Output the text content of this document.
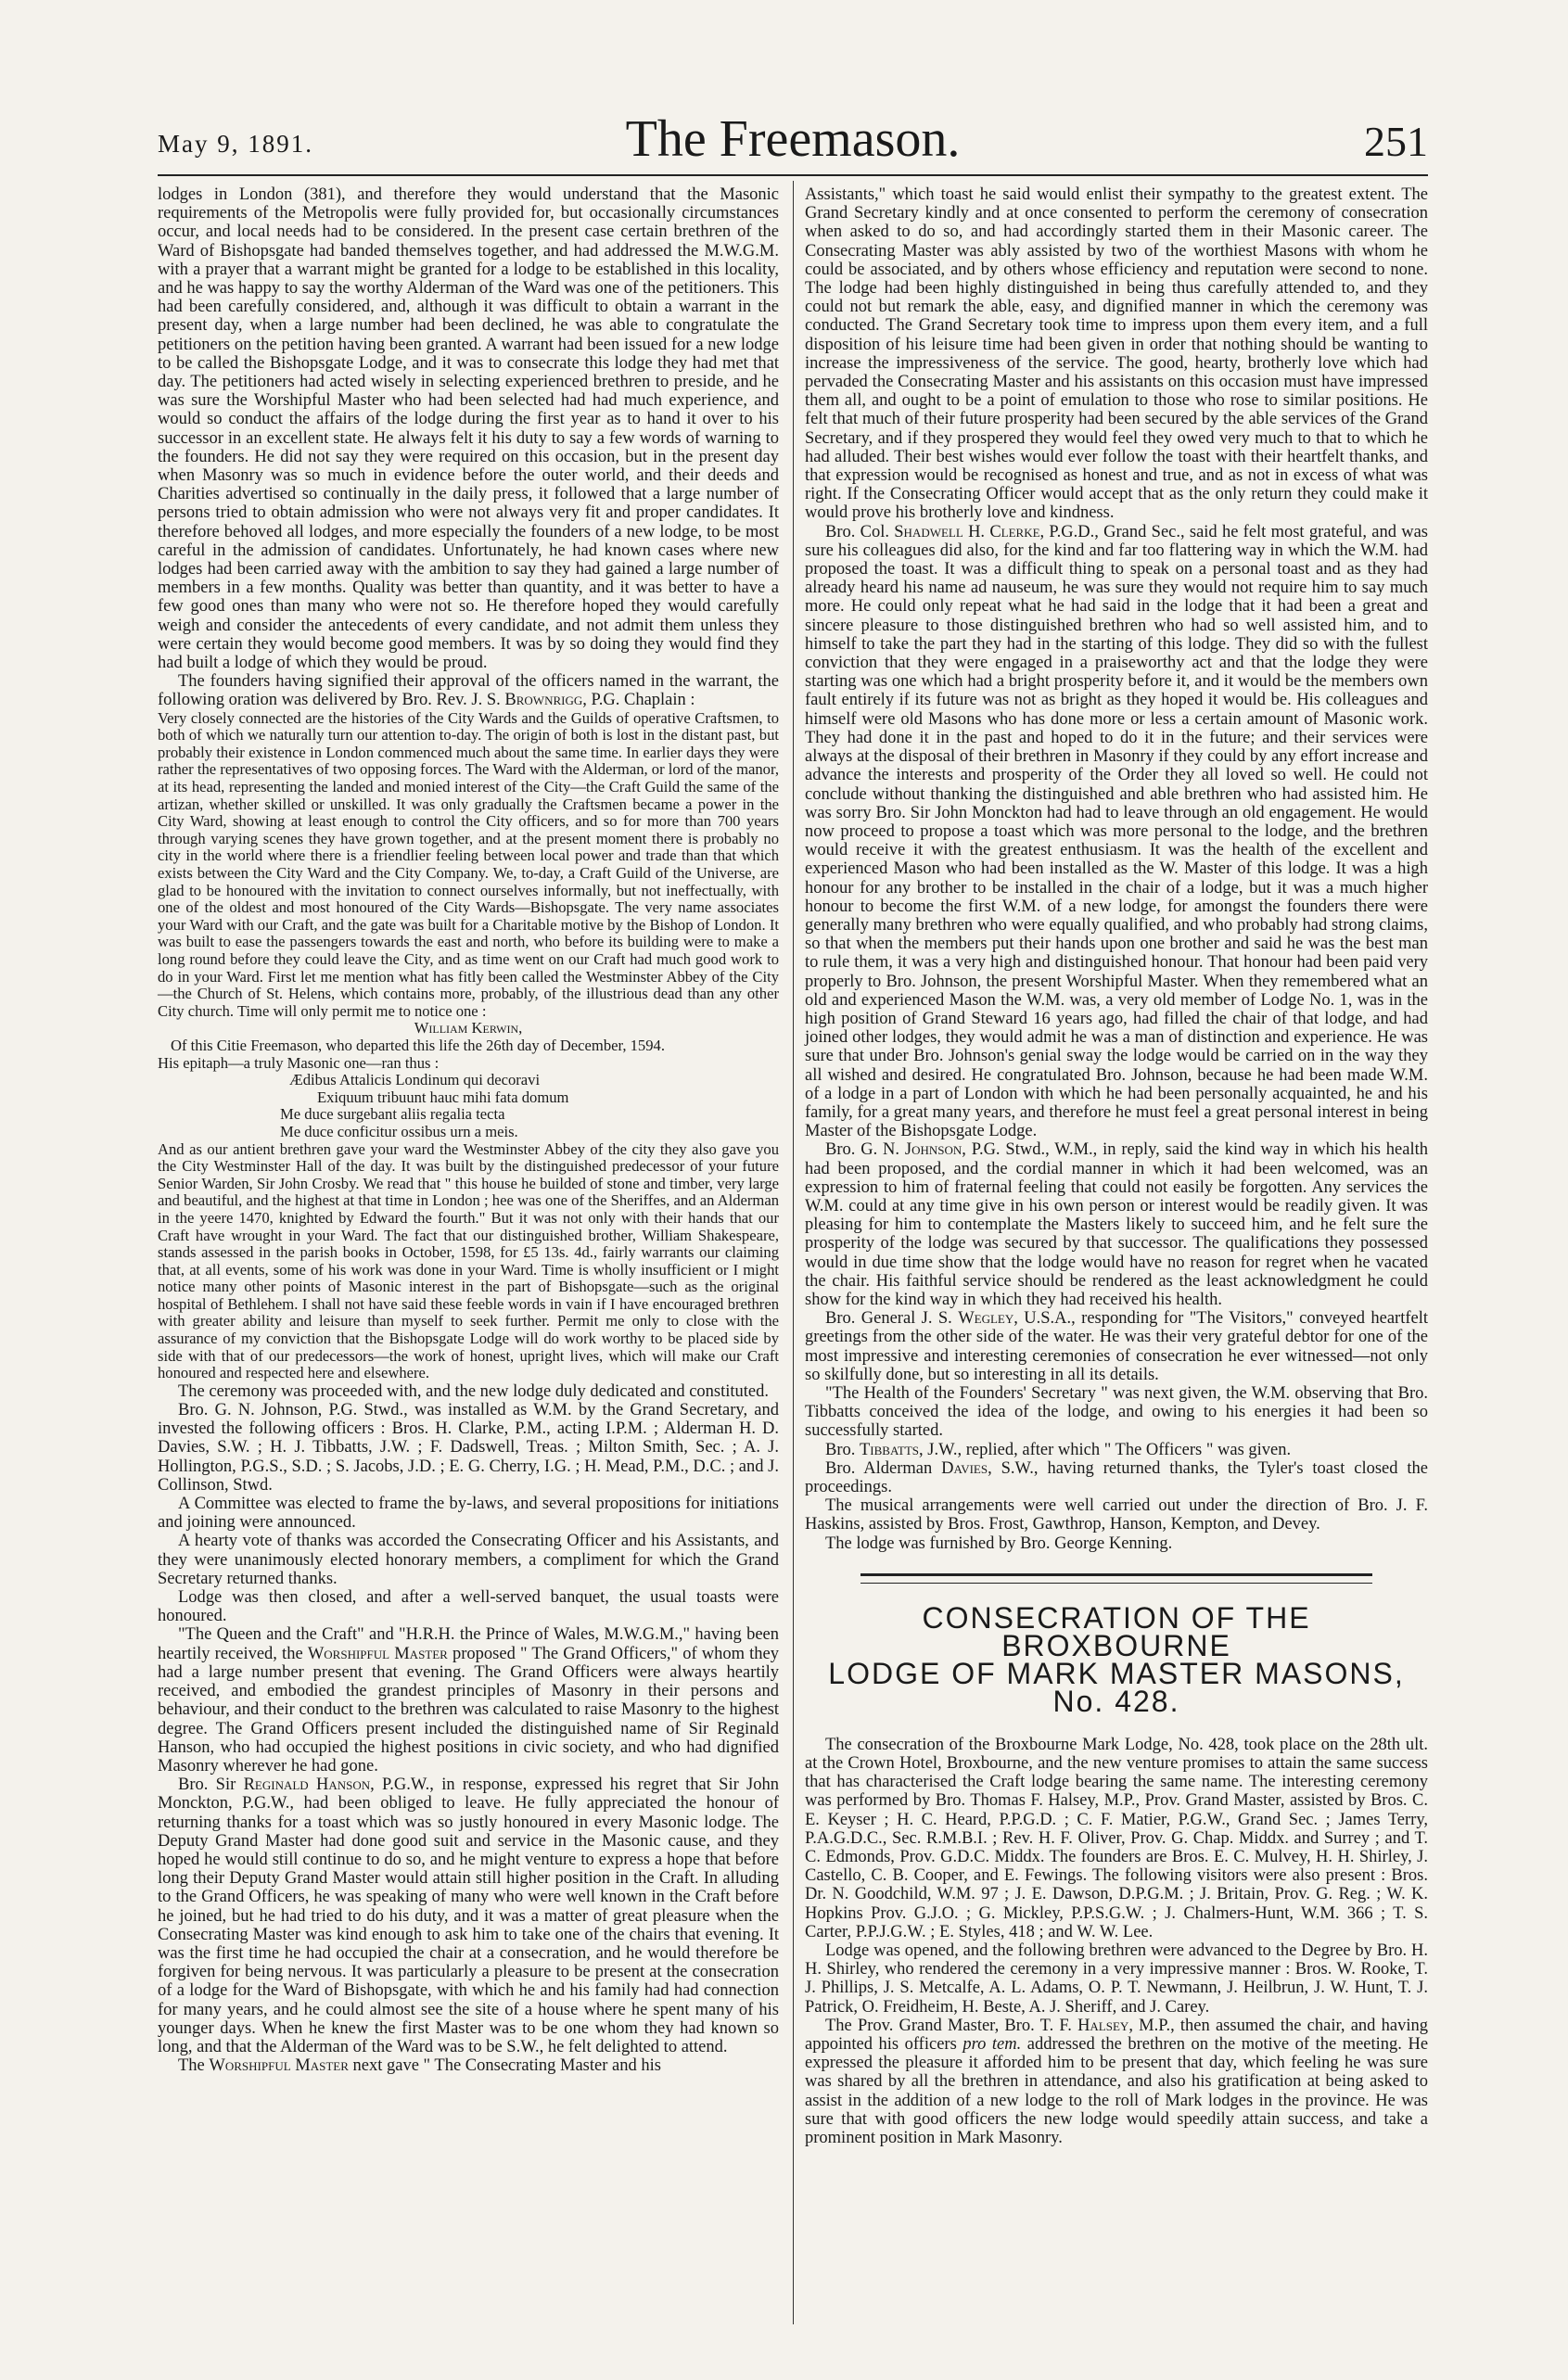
May 9, 1891.	The Freemason.	251

lodges in London (381), and therefore they would understand that the Masonic requirements of the Metropolis were fully provided for, but occasionally circumstances occur, and local needs had to be considered. In the present case certain brethren of the Ward of Bishopsgate had banded themselves together, and had addressed the M.W.G.M. with a prayer that a warrant might be granted for a lodge to be established in this locality, and he was happy to say the worthy Alderman of the Ward was one of the petitioners. This had been carefully considered, and, although it was difficult to obtain a warrant in the present day, when a large number had been declined, he was able to congratulate the petitioners on the petition having been granted. A warrant had been issued for a new lodge to be called the Bishopsgate Lodge, and it was to consecrate this lodge they had met that day. The petitioners had acted wisely in selecting experienced brethren to preside, and he was sure the Worshipful Master who had been selected had had much experience, and would so conduct the affairs of the lodge during the first year as to hand it over to his successor in an excellent state. He always felt it his duty to say a few words of warning to the founders. He did not say they were required on this occasion, but in the present day when Masonry was so much in evidence before the outer world, and their deeds and Charities advertised so continually in the daily press, it followed that a large number of persons tried to obtain admission who were not always very fit and proper candidates. It therefore behoved all lodges, and more especially the founders of a new lodge, to be most careful in the admission of candidates. Unfortunately, he had known cases where new lodges had been carried away with the ambition to say they had gained a large number of members in a few months. Quality was better than quantity, and it was better to have a few good ones than many who were not so. He therefore hoped they would carefully weigh and consider the antecedents of every candidate, and not admit them unless they were certain they would become good members. It was by so doing they would find they had built a lodge of which they would be proud.

The founders having signified their approval of the officers named in the warrant, the following oration was delivered by Bro. Rev. J. S. Brownrigg, P.G. Chaplain :

Very closely connected are the histories of the City Wards and the Guilds of operative Craftsmen, to both of which we naturally turn our attention to-day. The origin of both is lost in the distant past, but probably their existence in London commenced much about the same time. In earlier days they were rather the representatives of two opposing forces. The Ward with the Alderman, or lord of the manor, at its head, representing the landed and monied interest of the City—the Craft Guild the same of the artizan, whether skilled or unskilled. It was only gradually the Craftsmen became a power in the City Ward, showing at least enough to control the City officers, and so for more than 700 years through varying scenes they have grown together, and at the present moment there is probably no city in the world where there is a friendlier feeling between local power and trade than that which exists between the City Ward and the City Company. We, to-day, a Craft Guild of the Universe, are glad to be honoured with the invitation to connect ourselves informally, but not ineffectually, with one of the oldest and most honoured of the City Wards—Bishopsgate. The very name associates your Ward with our Craft, and the gate was built for a Charitable motive by the Bishop of London. It was built to ease the passengers towards the east and north, who before its building were to make a long round before they could leave the City, and as time went on our Craft had much good work to do in your Ward. First let me mention what has fitly been called the Westminster Abbey of the City—the Church of St. Helens, which contains more, probably, of the illustrious dead than any other City church. Time will only permit me to notice one :

William Kerwin,

Of this Citie Freemason, who departed this life the 26th day of December, 1594.

His epitaph—a truly Masonic one—ran thus :

Ædibus Attalicis Londinum qui decoravi

Exiquum tribuunt hauc mihi fata domum

Me duce surgebant aliis regalia tecta

Me duce conficitur ossibus urn a meis.

And as our antient brethren gave your ward the Westminster Abbey of the city they also gave you the City Westminster Hall of the day. It was built by the distinguished predecessor of your future Senior Warden, Sir John Crosby. We read that " this house he builded of stone and timber, very large and beautiful, and the highest at that time in London ; hee was one of the Sheriffes, and an Alderman in the yeere 1470, knighted by Edward the fourth." But it was not only with their hands that our Craft have wrought in your Ward. The fact that our distinguished brother, William Shakespeare, stands assessed in the parish books in October, 1598, for £5 13s. 4d., fairly warrants our claiming that, at all events, some of his work was done in your Ward. Time is wholly insufficient or I might notice many other points of Masonic interest in the part of Bishopsgate—such as the original hospital of Bethlehem. I shall not have said these feeble words in vain if I have encouraged brethren with greater ability and leisure than myself to seek further. Permit me only to close with the assurance of my conviction that the Bishopsgate Lodge will do work worthy to be placed side by side with that of our predecessors—the work of honest, upright lives, which will make our Craft honoured and respected here and elsewhere.

The ceremony was proceeded with, and the new lodge duly dedicated and constituted.

Bro. G. N. Johnson, P.G. Stwd., was installed as W.M. by the Grand Secretary, and invested the following officers : Bros. H. Clarke, P.M., acting I.P.M. ; Alderman H. D. Davies, S.W. ; H. J. Tibbatts, J.W. ; F. Dadswell, Treas. ; Milton Smith, Sec. ; A. J. Hollington, P.G.S., S.D. ; S. Jacobs, J.D. ; E. G. Cherry, I.G. ; H. Mead, P.M., D.C. ; and J. Collinson, Stwd.

A Committee was elected to frame the by-laws, and several propositions for initiations and joining were announced.

A hearty vote of thanks was accorded the Consecrating Officer and his Assistants, and they were unanimously elected honorary members, a compliment for which the Grand Secretary returned thanks.

Lodge was then closed, and after a well-served banquet, the usual toasts were honoured.

"The Queen and the Craft" and "H.R.H. the Prince of Wales, M.W.G.M.," having been heartily received, the Worshipful Master proposed " The Grand Officers," of whom they had a large number present that evening. The Grand Officers were always heartily received, and embodied the grandest principles of Masonry in their persons and behaviour, and their conduct to the brethren was calculated to raise Masonry to the highest degree. The Grand Officers present included the distinguished name of Sir Reginald Hanson, who had occupied the highest positions in civic society, and who had dignified Masonry wherever he had gone.

Bro. Sir Reginald Hanson, P.G.W., in response, expressed his regret that Sir John Monckton, P.G.W., had been obliged to leave. He fully appreciated the honour of returning thanks for a toast which was so justly honoured in every Masonic lodge. The Deputy Grand Master had done good suit and service in the Masonic cause, and they hoped he would still continue to do so, and he might venture to express a hope that before long their Deputy Grand Master would attain still higher position in the Craft. In alluding to the Grand Officers, he was speaking of many who were well known in the Craft before he joined, but he had tried to do his duty, and it was a matter of great pleasure when the Consecrating Master was kind enough to ask him to take one of the chairs that evening. It was the first time he had occupied the chair at a consecration, and he would therefore be forgiven for being nervous. It was particularly a pleasure to be present at the consecration of a lodge for the Ward of Bishopsgate, with which he and his family had had connection for many years, and he could almost see the site of a house where he spent many of his younger days. When he knew the first Master was to be one whom they had known so long, and that the Alderman of the Ward was to be S.W., he felt delighted to attend.

The Worshipful Master next gave " The Consecrating Master and his

Assistants," which toast he said would enlist their sympathy to the greatest extent. The Grand Secretary kindly and at once consented to perform the ceremony of consecration when asked to do so, and had accordingly started them in their Masonic career. The Consecrating Master was ably assisted by two of the worthiest Masons with whom he could be associated, and by others whose efficiency and reputation were second to none. The lodge had been highly distinguished in being thus carefully attended to, and they could not but remark the able, easy, and dignified manner in which the ceremony was conducted. The Grand Secretary took time to impress upon them every item, and a full disposition of his leisure time had been given in order that nothing should be wanting to increase the impressiveness of the service. The good, hearty, brotherly love which had pervaded the Consecrating Master and his assistants on this occasion must have impressed them all, and ought to be a point of emulation to those who rose to similar positions. He felt that much of their future prosperity had been secured by the able services of the Grand Secretary, and if they prospered they would feel they owed very much to that to which he had alluded. Their best wishes would ever follow the toast with their heartfelt thanks, and that expression would be recognised as honest and true, and as not in excess of what was right. If the Consecrating Officer would accept that as the only return they could make it would prove his brotherly love and kindness.

Bro. Col. Shadwell H. Clerke, P.G.D., Grand Sec., said he felt most grateful, and was sure his colleagues did also, for the kind and far too flattering way in which the W.M. had proposed the toast. It was a difficult thing to speak on a personal toast and as they had already heard his name ad nauseum, he was sure they would not require him to say much more. He could only repeat what he had said in the lodge that it had been a great and sincere pleasure to those distinguished brethren who had so well assisted him, and to himself to take the part they had in the starting of this lodge. They did so with the fullest conviction that they were engaged in a praiseworthy act and that the lodge they were starting was one which had a bright prosperity before it, and it would be the members own fault entirely if its future was not as bright as they hoped it would be. His colleagues and himself were old Masons who has done more or less a certain amount of Masonic work. They had done it in the past and hoped to do it in the future; and their services were always at the disposal of their brethren in Masonry if they could by any effort increase and advance the interests and prosperity of the Order they all loved so well. He could not conclude without thanking the distinguished and able brethren who had assisted him. He was sorry Bro. Sir John Monckton had had to leave through an old engagement. He would now proceed to propose a toast which was more personal to the lodge, and the brethren would receive it with the greatest enthusiasm. It was the health of the excellent and experienced Mason who had been installed as the W. Master of this lodge. It was a high honour for any brother to be installed in the chair of a lodge, but it was a much higher honour to become the first W.M. of a new lodge, for amongst the founders there were generally many brethren who were equally qualified, and who probably had strong claims, so that when the members put their hands upon one brother and said he was the best man to rule them, it was a very high and distinguished honour. That honour had been paid very properly to Bro. Johnson, the present Worshipful Master. When they remembered what an old and experienced Mason the W.M. was, a very old member of Lodge No. 1, was in the high position of Grand Steward 16 years ago, had filled the chair of that lodge, and had joined other lodges, they would admit he was a man of distinction and experience. He was sure that under Bro. Johnson's genial sway the lodge would be carried on in the way they all wished and desired. He congratulated Bro. Johnson, because he had been made W.M. of a lodge in a part of London with which he had been personally acquainted, he and his family, for a great many years, and therefore he must feel a great personal interest in being Master of the Bishopsgate Lodge.

Bro. G. N. Johnson, P.G. Stwd., W.M., in reply, said the kind way in which his health had been proposed, and the cordial manner in which it had been welcomed, was an expression to him of fraternal feeling that could not easily be forgotten. Any services the W.M. could at any time give in his own person or interest would be readily given. It was pleasing for him to contemplate the Masters likely to succeed him, and he felt sure the prosperity of the lodge was secured by that successor. The qualifications they possessed would in due time show that the lodge would have no reason for regret when he vacated the chair. His faithful service should be rendered as the least acknowledgment he could show for the kind way in which they had received his health.

Bro. General J. S. Wegley, U.S.A., responding for "The Visitors," conveyed heartfelt greetings from the other side of the water. He was their very grateful debtor for one of the most impressive and interesting ceremonies of consecration he ever witnessed—not only so skilfully done, but so interesting in all its details.

"The Health of the Founders' Secretary " was next given, the W.M. observing that Bro. Tibbatts conceived the idea of the lodge, and owing to his energies it had been so successfully started.

Bro. Tibbatts, J.W., replied, after which " The Officers " was given.

Bro. Alderman Davies, S.W., having returned thanks, the Tyler's toast closed the proceedings.

The musical arrangements were well carried out under the direction of Bro. J. F. Haskins, assisted by Bros. Frost, Gawthrop, Hanson, Kempton, and Devey.

The lodge was furnished by Bro. George Kenning.

CONSECRATION OF THE BROXBOURNE
LODGE OF MARK MASTER MASONS,
No. 428.

The consecration of the Broxbourne Mark Lodge, No. 428, took place on the 28th ult. at the Crown Hotel, Broxbourne, and the new venture promises to attain the same success that has characterised the Craft lodge bearing the same name. The interesting ceremony was performed by Bro. Thomas F. Halsey, M.P., Prov. Grand Master, assisted by Bros. C. E. Keyser ; H. C. Heard, P.P.G.D. ; C. F. Matier, P.G.W., Grand Sec. ; James Terry, P.A.G.D.C., Sec. R.M.B.I. ; Rev. H. F. Oliver, Prov. G. Chap. Middx. and Surrey ; and T. C. Edmonds, Prov. G.D.C. Middx. The founders are Bros. E. C. Mulvey, H. H. Shirley, J. Castello, C. B. Cooper, and E. Fewings. The following visitors were also present : Bros. Dr. N. Goodchild, W.M. 97 ; J. E. Dawson, D.P.G.M. ; J. Britain, Prov. G. Reg. ; W. K. Hopkins Prov. G.J.O. ; G. Mickley, P.P.S.G.W. ; J. Chalmers-Hunt, W.M. 366 ; T. S. Carter, P.P.J.G.W. ; E. Styles, 418 ; and W. W. Lee.

Lodge was opened, and the following brethren were advanced to the Degree by Bro. H. H. Shirley, who rendered the ceremony in a very impressive manner : Bros. W. Rooke, T. J. Phillips, J. S. Metcalfe, A. L. Adams, O. P. T. Newmann, J. Heilbrun, J. W. Hunt, T. J. Patrick, O. Freidheim, H. Beste, A. J. Sheriff, and J. Carey.

The Prov. Grand Master, Bro. T. F. Halsey, M.P., then assumed the chair, and having appointed his officers pro tem. addressed the brethren on the motive of the meeting. He expressed the pleasure it afforded him to be present that day, which feeling he was sure was shared by all the brethren in attendance, and also his gratification at being asked to assist in the addition of a new lodge to the roll of Mark lodges in the province. He was sure that with good officers the new lodge would speedily attain success, and take a prominent position in Mark Masonry.
